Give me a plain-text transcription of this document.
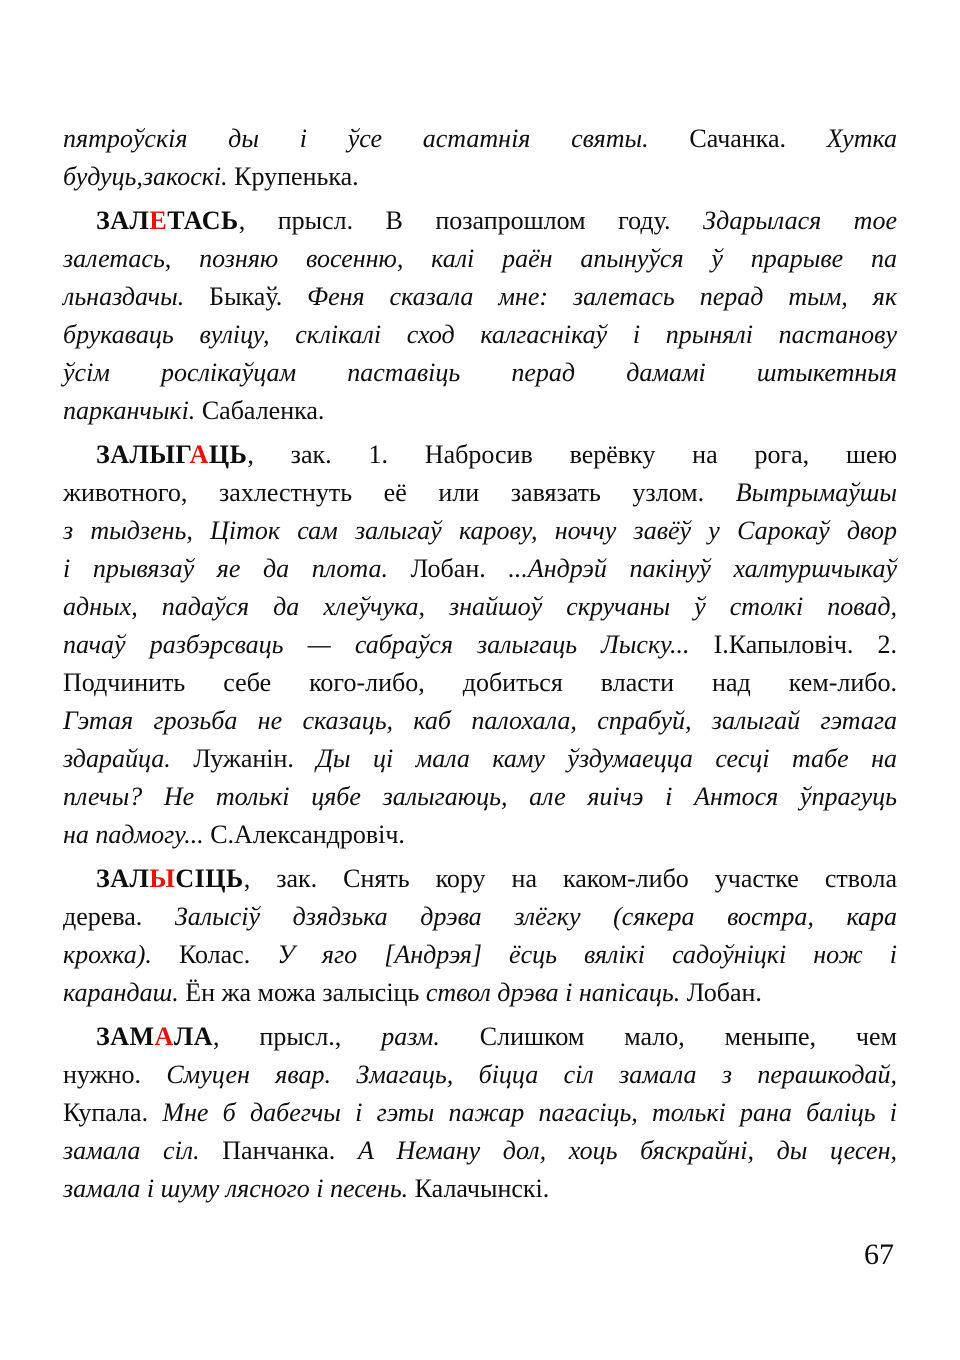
пятроўскія ды і ўсе астатнія святы. Сачанка. Хутка
будуць,закоскі. Крупенька.
ЗАЛЕТАСЬ, прысл. В позапрошлом году. Здарылася тое
залетась, позняю восенню, калі раён апынуўся ў прарыве па
льназдачы. Быкаў. Феня сказала мне: залетась перад тым, як
брукаваць вуліцу, склікалі сход калгаснікаў і прынялі пастанову
ўсім рослікаўцам паставіць перад дамамі штыкетныя
парканчыкі. Сабаленка.
ЗАЛЫГАЦЬ, зак. 1. Набросив верёвку на рога, шею
животного, захлестнуть её или завязать узлом. Вытрымаўшы
з тыдзень, Ціток сам залыгаў карову, ноччу завёў у Сарокаў двор
і прывязаў яе да плота. Лобан. ...Андрэй пакінуў халтуршчыкаў
адных, падаўся да хлеўчука, знайшоў скручаны ў столкі повад,
пачаў разбэрсваць — сабраўся залыгаць Лыску... І.Капыловіч. 2.
Подчинить себе кого-либо, добиться власти над кем-либо.
Гэтая грозьба не сказаць, каб палохала, спрабуй, залыгай гэтага
здарайца. Лужанін. Ды ці мала каму ўздумаецца сесці табе на
плечы? Не толькі цябе залыгаюць, але яиічэ і Антося ўпрагуць
на падмогу... С.Александровіч.
ЗАЛЫСІЦЬ, зак. Снять кору на каком-либо участке ствола
дерева. Залысіў дзядзька дрэва злёгку (сякера востра, кара
крохка). Колас. У яго [Андрэя] ёсць вялікі садоўніцкі нож і
карандаш. Ён жа можа залысіць ствол дрэва і напісаць. Лобан.
ЗАМАЛА, прысл., разм. Слишком мало, меныпе, чем
нужно. Смуцен явар. Змагаць, біцца сіл замала з перашкодай,
Купала. Мне б дабегчы і гэты пажар пагасіць, толькі рана баліць і
замала сіл. Панчанка. А Неману дол, хоць бяскрайні, ды цесен,
замала і шуму лясного і песень. Калачынскі.
67
